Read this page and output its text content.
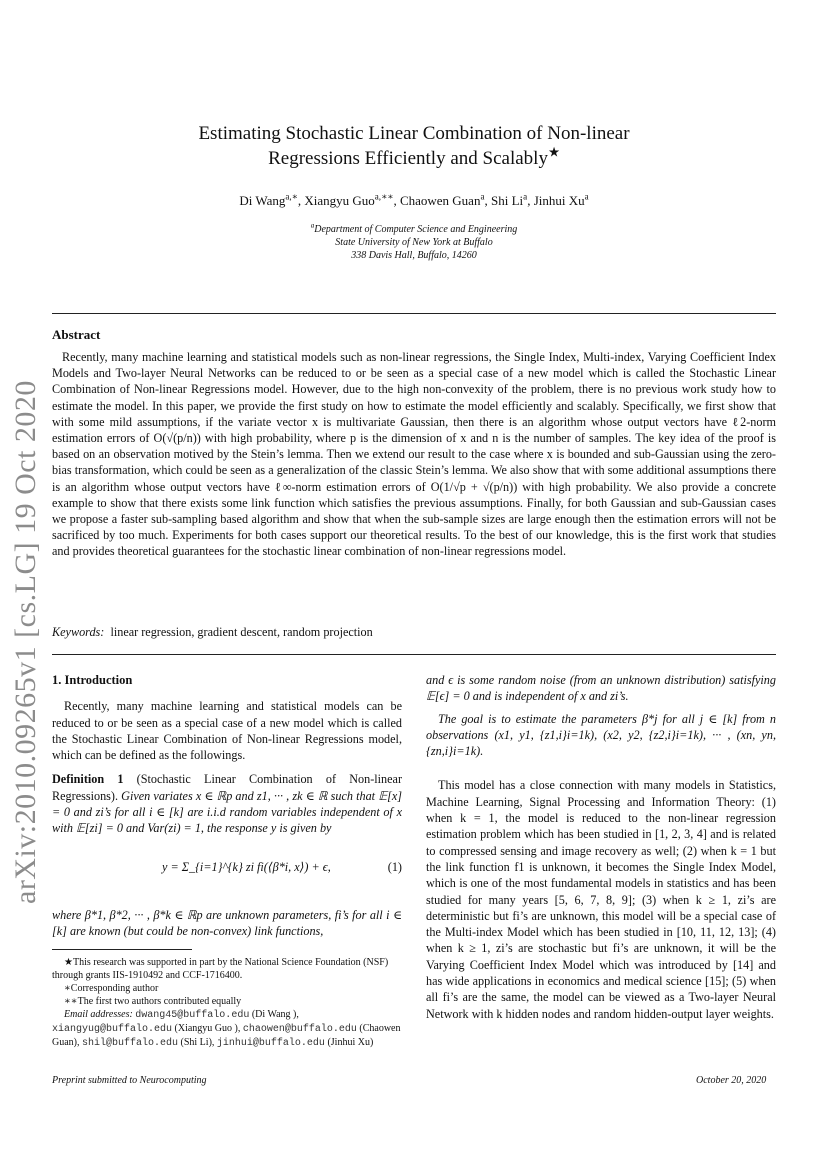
arXiv:2010.09265v1 [cs.LG] 19 Oct 2020
Estimating Stochastic Linear Combination of Non-linear
Regressions Efficiently and Scalably★
Di Wang$^{a,∗}$, Xiangyu Guo$^{a,∗∗}$, Chaowen Guan$^a$, Shi Li$^a$, Jinhui Xu$^a$
$^a$Department of Computer Science and Engineering
State University of New York at Buffalo
338 Davis Hall, Buffalo, 14260
Abstract

Recently, many machine learning and statistical models such as non-linear regressions, the Single Index, Multi-index, Varying Coefficient Index Models and Two-layer Neural Networks can be reduced to or be seen as a special case of a new model which is called the Stochastic Linear Combination of Non-linear Regressions model. However, due to the high non-convexity of the problem, there is no previous work study how to estimate the model. In this paper, we provide the first study on how to estimate the model efficiently and scalably. Specifically, we first show that with some mild assumptions, if the variate vector x is multivariate Gaussian, then there is an algorithm whose output vectors have ℓ2-norm estimation errors of O(√(p/n)) with high probability, where p is the dimension of x and n is the number of samples. The key idea of the proof is based on an observation motived by the Stein’s lemma. Then we extend our result to the case where x is bounded and sub-Gaussian using the zero-bias transformation, which could be seen as a generalization of the classic Stein’s lemma. We also show that with some additional assumptions there is an algorithm whose output vectors have ℓ∞-norm estimation errors of O(1/√p + √(p/n)) with high probability. We also provide a concrete example to show that there exists some link function which satisfies the previous assumptions. Finally, for both Gaussian and sub-Gaussian cases we propose a faster sub-sampling based algorithm and show that when the sub-sample sizes are large enough then the estimation errors will not be sacrificed by too much. Experiments for both cases support our theoretical results. To the best of our knowledge, this is the first work that studies and provides theoretical guarantees for the stochastic linear combination of non-linear regressions model.

Keywords: linear regression, gradient descent, random projection

1. Introduction

Recently, many machine learning and statistical models can be reduced to or be seen as a special case of a new model which is called the Stochastic Linear Combination of Non-linear Regressions model, which can be defined as the followings.

Definition 1 (Stochastic Linear Combination of Non-linear Regressions). Given variates x ∈ ℝp and z1, ··· , zk ∈ ℝ such that 𝔼[x] = 0 and zi’s for all i ∈ [k] are i.i.d random variables independent of x with 𝔼[zi] = 0 and Var(zi) = 1, the response y is given by

y = Σ_{i=1}^{k} zi fi(⟨β*i, x⟩) + ϵ,	(1)

where β*1, β*2, ··· , β*k ∈ ℝp are unknown parameters, fi’s for all i ∈ [k] are known (but could be non-convex) link functions,

★This research was supported in part by the National Science Foundation (NSF) through grants IIS-1910492 and CCF-1716400.
∗Corresponding author
∗∗The first two authors contributed equally
Email addresses: dwang45@buffalo.edu (Di Wang ), xiangyug@buffalo.edu (Xiangyu Guo ), chaowen@buffalo.edu (Chaowen Guan), shil@buffalo.edu (Shi Li), jinhui@buffalo.edu (Jinhui Xu)

and ϵ is some random noise (from an unknown distribution) satisfying 𝔼[ϵ] = 0 and is independent of x and zi’s.

The goal is to estimate the parameters β*j for all j ∈ [k] from n observations (x1, y1, {z1,i}i=1k), (x2, y2, {z2,i}i=1k), ··· , (xn, yn, {zn,i}i=1k).

This model has a close connection with many models in Statistics, Machine Learning, Signal Processing and Information Theory: (1) when k = 1, the model is reduced to the non-linear regression estimation problem which has been studied in [1, 2, 3, 4] and is related to compressed sensing and image recovery as well; (2) when k = 1 but the link function f1 is unknown, it becomes the Single Index Model, which is one of the most fundamental models in statistics and has been studied for many years [5, 6, 7, 8, 9]; (3) when k ≥ 1, zi’s are deterministic but fi’s are unknown, this model will be a special case of the Multi-index Model which has been studied in [10, 11, 12, 13]; (4) when k ≥ 1, zi’s are stochastic but fi’s are unknown, it will be the Varying Coefficient Index Model which was introduced by [14] and has wide applications in economics and medical science [15]; (5) when all fi’s are the same, the model can be viewed as a Two-layer Neural Network with k hidden nodes and random hidden-output layer weights.

Preprint submitted to Neurocomputing	October 20, 2020
